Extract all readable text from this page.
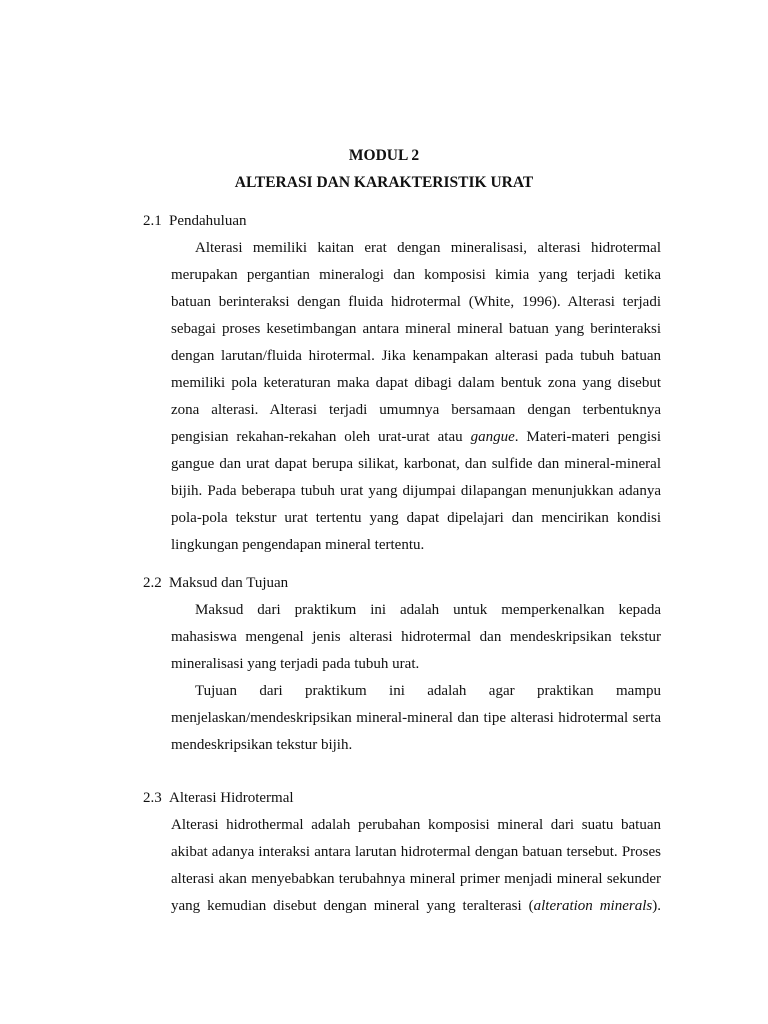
MODUL 2
ALTERASI DAN KARAKTERISTIK URAT
2.1 Pendahuluan
Alterasi memiliki kaitan erat dengan mineralisasi, alterasi hidrotermal
merupakan pergantian mineralogi dan komposisi kimia yang terjadi ketika
batuan berinteraksi dengan fluida hidrotermal (White, 1996). Alterasi terjadi
sebagai proses kesetimbangan antara mineral mineral batuan yang berinteraksi
dengan larutan/fluida hirotermal. Jika kenampakan alterasi pada tubuh batuan
memiliki pola keteraturan maka dapat dibagi dalam bentuk zona yang disebut
zona alterasi. Alterasi terjadi umumnya bersamaan dengan terbentuknya
pengisian rekahan-rekahan oleh urat-urat atau gangue. Materi-materi pengisi
gangue dan urat dapat berupa silikat, karbonat, dan sulfide dan mineral-mineral
bijih. Pada beberapa tubuh urat yang dijumpai dilapangan menunjukkan adanya
pola-pola tekstur urat tertentu yang dapat dipelajari dan mencirikan kondisi
lingkungan pengendapan mineral tertentu.
2.2 Maksud dan Tujuan
Maksud dari praktikum ini adalah untuk memperkenalkan kepada
mahasiswa mengenal jenis alterasi hidrotermal dan mendeskripsikan tekstur
mineralisasi yang terjadi pada tubuh urat.
Tujuan dari praktikum ini adalah agar praktikan mampu
menjelaskan/mendeskripsikan mineral-mineral dan tipe alterasi hidrotermal serta
mendeskripsikan tekstur bijih.
2.3 Alterasi Hidrotermal
Alterasi hidrothermal adalah perubahan komposisi mineral dari suatu batuan
akibat adanya interaksi antara larutan hidrotermal dengan batuan tersebut. Proses
alterasi akan menyebabkan terubahnya mineral primer menjadi mineral sekunder
yang kemudian disebut dengan mineral yang teralterasi (alteration minerals).
